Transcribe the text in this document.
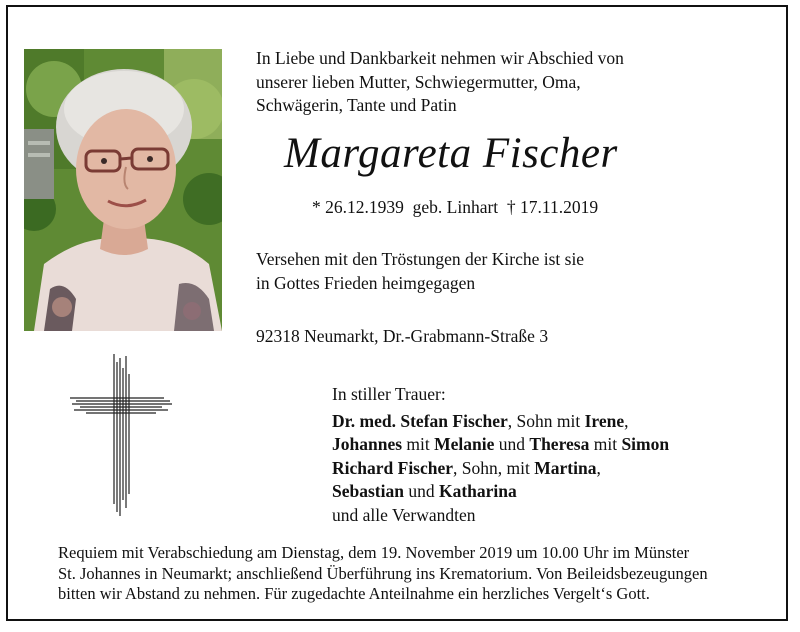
In Liebe und Dankbarkeit nehmen wir Abschied von
unserer lieben Mutter, Schwiegermutter, Oma,
Schwägerin, Tante und Patin
Margareta Fischer
* 26.12.1939  geb. Linhart  † 17.11.2019
Versehen mit den Tröstungen der Kirche ist sie
in Gottes Frieden heimgegagen
92318 Neumarkt, Dr.-Grabmann-Straße 3
In stiller Trauer:
Dr. med. Stefan Fischer, Sohn mit Irene,
Johannes mit Melanie und Theresa mit Simon
Richard Fischer, Sohn, mit Martina,
Sebastian und Katharina
und alle Verwandten
Requiem mit Verabschiedung am Dienstag, dem 19. November 2019 um 10.00 Uhr im Münster
St. Johannes in Neumarkt; anschließend Überführung ins Krematorium. Von Beileidsbezeugungen
bitten wir Abstand zu nehmen. Für zugedachte Anteilnahme ein herzliches Vergelt‘s Gott.
